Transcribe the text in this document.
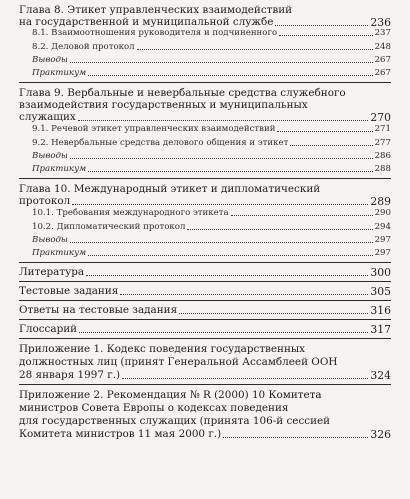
Глава 8. Этикет управленческих взаимодействий
на государственной и муниципальной службе	236
8.1. Взаимоотношения руководителя и подчиненного	237
8.2. Деловой протокол	248
Выводы	267
Практикум	267
Глава 9. Вербальные и невербальные средства служебного
взаимодействия государственных и муниципальных
служащих	270
9.1. Речевой этикет управленческих взаимодействий	271
9.2. Невербальные средства делового общения и этикет	277
Выводы	286
Практикум	288
Глава 10. Международный этикет и дипломатический
протокол	289
10.1. Требования международного этикета	290
10.2. Дипломатический протокол	294
Выводы	297
Практикум	297
Литература	300
Тестовые задания	305
Ответы на тестовые задания	316
Глоссарий	317
Приложение 1. Кодекс поведения государственных
должностных лиц (принят Генеральной Ассамблеей ООН
28 января 1997 г.)	324
Приложение 2. Рекомендация № R (2000) 10 Комитета
министров Совета Европы о кодексах поведения
для государственных служащих (принята 106-й сессией
Комитета министров 11 мая 2000 г.)	326
